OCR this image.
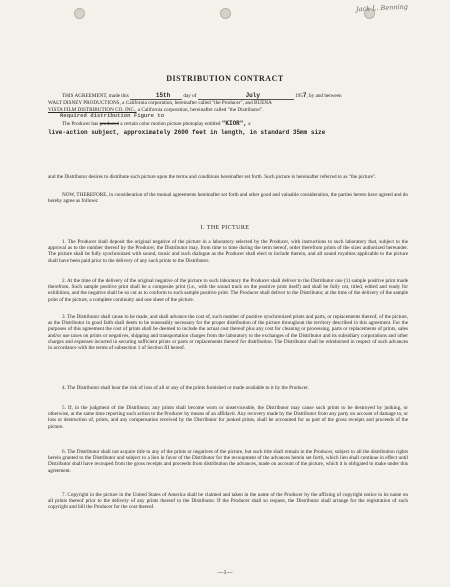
Jack L. Benning
DISTRIBUTION CONTRACT
THIS AGREEMENT, made this	15th	day of	July	1957, by and between
WALT DISNEY PRODUCTIONS, a California corporation, hereinafter called "the Producer", and BUENA
VISTA FILM DISTRIBUTION CO. INC., a California corporation, hereinafter called "the Distributor".
Required distribution Figure to
The Producer has produced a certain color motion picture photoplay entitled "KIOR", a
live-action subject, approximately 2600 feet in length, in standard 35mm size
and the Distributor desires to distribute such picture upon the terms and conditions hereinafter set forth. Such picture is hereinafter referred to as "the picture".
NOW, THEREFORE, in consideration of the mutual agreements hereinafter set forth and other good and valuable consideration, the parties hereto have agreed and do hereby agree as follows:
I. THE PICTURE
1. The Producer shall deposit the original negative of the picture in a laboratory selected by the Producer, with instructions to such laboratory that, subject to the approval as to the number thereof by the Producer, the Distributor may, from time to time during the term hereof, order therefrom prints of the sizes authorized hereunder. The picture shall be fully synchronized with sound, music and such dialogue as the Producer shall elect to include therein, and all sound royalties applicable to the picture shall have been paid prior to the delivery of any such prints to the Distributor.
2. At the time of the delivery of the original negative of the picture to such laboratory the Producer shall deliver to the Distributor one (1) sample positive print made therefrom. Such sample positive print shall be a composite print (i.e., with the sound track on the positive print itself) and shall be fully cut, titled, edited and ready for exhibition, and the negative shall be so cut as to conform to such sample positive print. The Producer shall deliver to the Distributor, at the time of the delivery of the sample print of the picture, a complete continuity and one sheet of the picture.
3. The Distributor shall cause to be made, and shall advance the cost of, such number of positive synchronized prints and parts, or replacements thereof, of the picture, as the Distributor in good faith shall deem to be reasonably necessary for the proper distribution of the picture throughout the territory described in this agreement. For the purposes of this agreement the cost of prints shall be deemed to include the actual cost thereof plus any cost for cleaning or processing, parts or replacements of prints, sales and/or use taxes on prints or negatives, shipping and transportation charges from the laboratory to the exchanges of the Distributor and its subsidiary corporations and other charges and expenses incurred in securing sufficient prints or parts or replacements thereof for distribution. The Distributor shall be reimbursed in respect of such advances in accordance with the terms of subsection 1 of Section III hereof.
4. The Distributor shall bear the risk of loss of all or any of the prints furnished or made available to it by the Producer.
5. If, in the judgment of the Distributor, any prints shall become worn or unserviceable, the Distributor may cause such prints to be destroyed by junking, or otherwise, at the same time reporting such action to the Producer by means of an affidavit. Any recovery made by the Distributor from any party on account of damage to, or loss or destruction of, prints, and any compensation received by the Distributor for junked prints, shall be accounted for as part of the gross receipts and proceeds of the picture.
6. The Distributor shall not acquire title to any of the prints or negatives of the picture, but such title shall remain in the Producer, subject to all the distribution rights herein granted to the Distributor and subject to a lien in favor of the Distributor for the recoupment of the advances herein set forth, which lien shall continue in effect until Distributor shall have recouped from the gross receipts and proceeds from distribution the advances, made on account of the picture, which it is obligated to make under this agreement.
7. Copyright in the picture in the United States of America shall be claimed and taken in the name of the Producer by the affixing of copyright notice in its name on all prints thereof prior to the delivery of any prints thereof to the Distributor. If the Producer shall so request, the Distributor shall arrange for the registration of such copyright and bill the Producer for the cost thereof.
—1—
